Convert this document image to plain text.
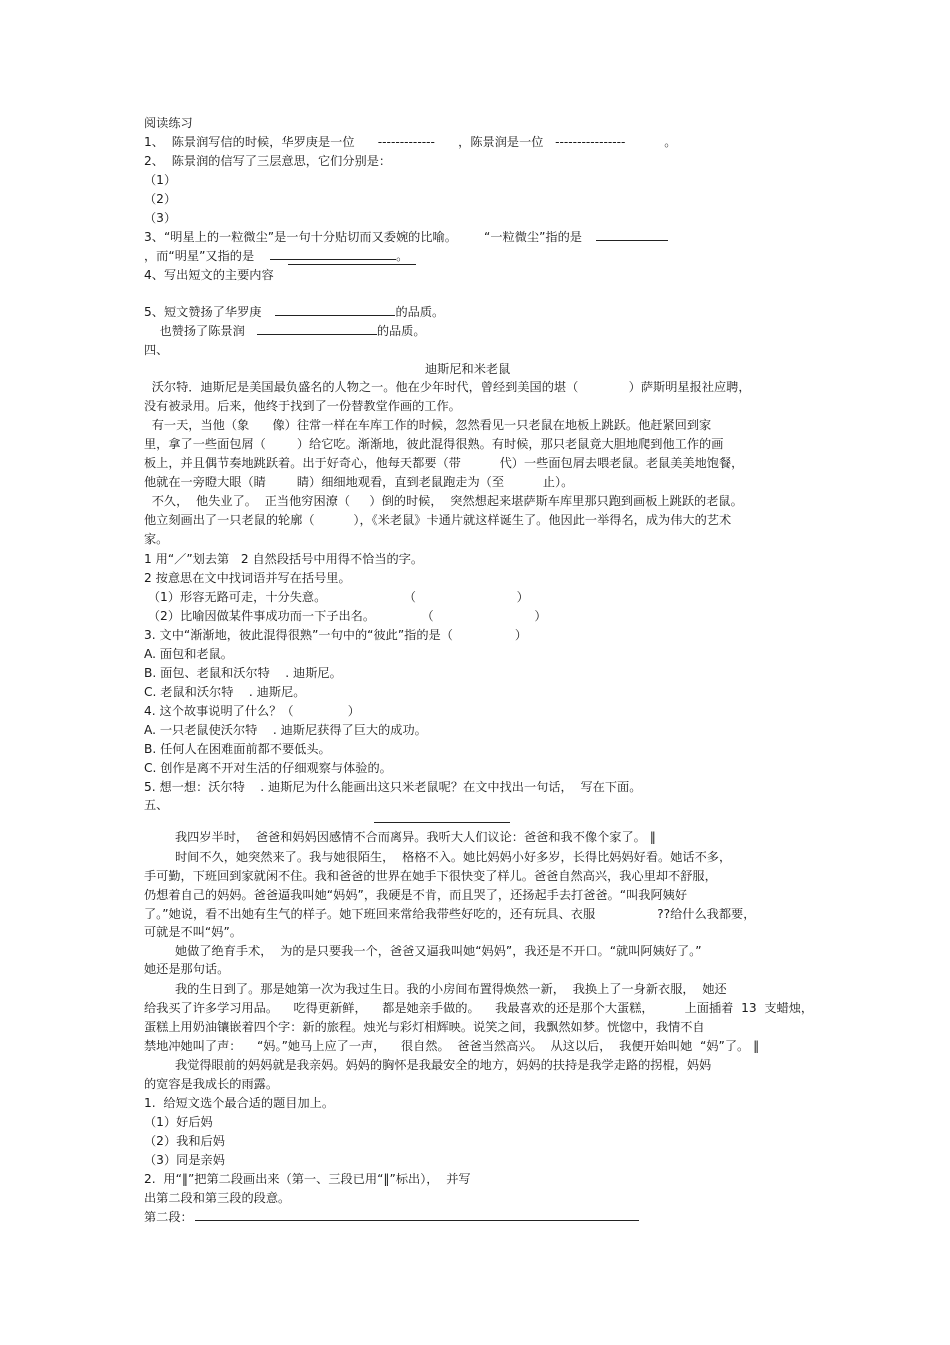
阅读练习
1、  陈景润写信的时候，华罗庚是一位      -------------      ，陈景润是一位   ----------------          。
2、  陈景润的信写了三层意思，它们分别是：
（1）
（2）
（3）
3、“明星上的一粒微尘”是一句十分贴切而又委婉的比喻。       “一粒微尘”指的是
，而“明星”又指的是	。
4、写出短文的主要内容
5、短文赞扬了华罗庚	的品质。
也赞扬了陈景润	的品质。
四、
迪斯尼和米老鼠
沃尔特．迪斯尼是美国最负盛名的人物之一。他在少年时代，曾经到美国的堪（             ）萨斯明星报社应聘，
没有被录用。后来，他终于找到了一份替教堂作画的工作。
有一天，当他（象      像）往常一样在车库工作的时候，忽然看见一只老鼠在地板上跳跃。他赶紧回到家
里，拿了一些面包屑（        ）给它吃。渐渐地，彼此混得很熟。有时候，那只老鼠竟大胆地爬到他工作的画
板上，并且偶节奏地跳跃着。出于好奇心，他每天都要（带          代）一些面包屑去喂老鼠。老鼠美美地饱餐，
他就在一旁瞪大眼（睛        睛）细细地观看，直到老鼠跑走为（至          止）。
不久，  他失业了。  正当他穷困潦（     ）倒的时候，  突然想起来堪萨斯车库里那只跑到画板上跳跃的老鼠。
他立刻画出了一只老鼠的轮廓（          ），《米老鼠》卡通片就这样诞生了。他因此一举得名，成为伟大的艺术
家。
1 用“／”划去第   2 自然段括号中用得不恰当的字。
2 按意思在文中找词语并写在括号里。
（1）形容无路可走，十分失意。                    （                          ）
（2）比喻因做某件事成功而一下子出名。            （                          ）
3. 文中“渐渐地，彼此混得很熟”一句中的“彼此”指的是（                ）
A. 面包和老鼠。
B. 面包、老鼠和沃尔特    . 迪斯尼。
C. 老鼠和沃尔特    . 迪斯尼。
4. 这个故事说明了什么？（              ）
A. 一只老鼠使沃尔特    . 迪斯尼获得了巨大的成功。
B. 任何人在困难面前都不要低头。
C. 创作是离不开对生活的仔细观察与体验的。
5. 想一想：沃尔特    . 迪斯尼为什么能画出这只米老鼠呢？在文中找出一句话，  写在下面。
五、
我四岁半时，  爸爸和妈妈因感情不合而离异。我听大人们议论：爸爸和我不像个家了。 ‖
时间不久，她突然来了。我与她很陌生，  格格不入。她比妈妈小好多岁，长得比妈妈好看。她话不多，
手可勤，下班回到家就闲不住。我和爸爸的世界在她手下很快变了样儿。爸爸自然高兴，我心里却不舒服，
仍想着自己的妈妈。爸爸逼我叫她“妈妈”，我硬是不肯，而且哭了，还扬起手去打爸爸。“叫我阿姨好
了。”她说，看不出她有生气的样子。她下班回来常给我带些好吃的，还有玩具、衣服                ??给什么我都要，
可就是不叫“妈”。
她做了绝育手术，  为的是只要我一个，爸爸又逼我叫她“妈妈”，我还是不开口。“就叫阿姨好了。”
她还是那句话。
我的生日到了。那是她第一次为我过生日。我的小房间布置得焕然一新，  我换上了一身新衣服，  她还
给我买了许多学习用品。    吃得更新鲜，    都是她亲手做的。    我最喜欢的还是那个大蛋糕，        上面插着  13  支蜡烛，
蛋糕上用奶油镶嵌着四个字：新的旅程。烛光与彩灯相辉映。说笑之间，我飘然如梦。恍惚中，我情不自
禁地冲她叫了声：    “妈。”她马上应了一声，    很自然。  爸爸当然高兴。  从这以后，  我便开始叫她  “妈”了。 ‖
我觉得眼前的妈妈就是我亲妈。妈妈的胸怀是我最安全的地方，妈妈的扶持是我学走路的拐棍，妈妈
的宽容是我成长的雨露。
1.  给短文选个最合适的题目加上。
（1）好后妈
（2）我和后妈
（3）同是亲妈
2.  用“‖”把第二段画出来（第一、三段已用“‖”标出），  并写
出第二段和第三段的段意。
第二段：
